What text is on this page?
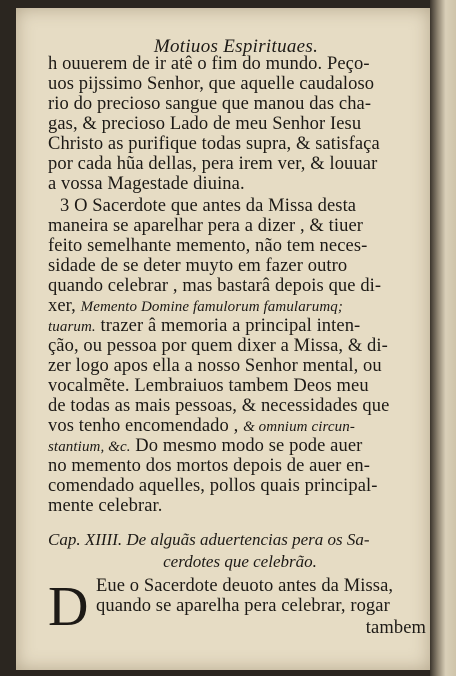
Motiuos Espirituaes.
h ouuerem de ir atê o fim do mundo. Peço-
uos pijssimo Senhor, que aquelle caudaloso
rio do precioso sangue que manou das cha-
gas, & precioso Lado de meu Senhor Iesu
Christo as purifique todas supra, & satisfaça
por cada hũa dellas, pera irem ver, & louuar
a vossa Magestade diuina.
3 O Sacerdote que antes da Missa desta
maneira se aparelhar pera a dizer , & tiuer
feito semelhante memento, não tem neces-
sidade de se deter muyto em fazer outro
quando celebrar , mas bastarâ depois que di-
xer, Memento Domine famulorum famularumq;
tuarum. trazer â memoria a principal inten-
ção, ou pessoa por quem dixer a Missa, & di-
zer logo apos ella a nosso Senhor mental, ou
vocalmẽte. Lembraiuos tambem Deos meu
de todas as mais pessoas, & necessidades que
vos tenho encomendado , & omnium circun-
stantium, &c. Do mesmo modo se pode auer
no memento dos mortos depois de auer en-
comendado aquelles, pollos quais principal-
mente celebrar.
Cap. XIIII. De alguãs aduertencias pera os Sa-
cerdotes que celebrão.
D Eue o Sacerdote deuoto antes da Missa,
quando se aparelha pera celebrar, rogar
tambem
